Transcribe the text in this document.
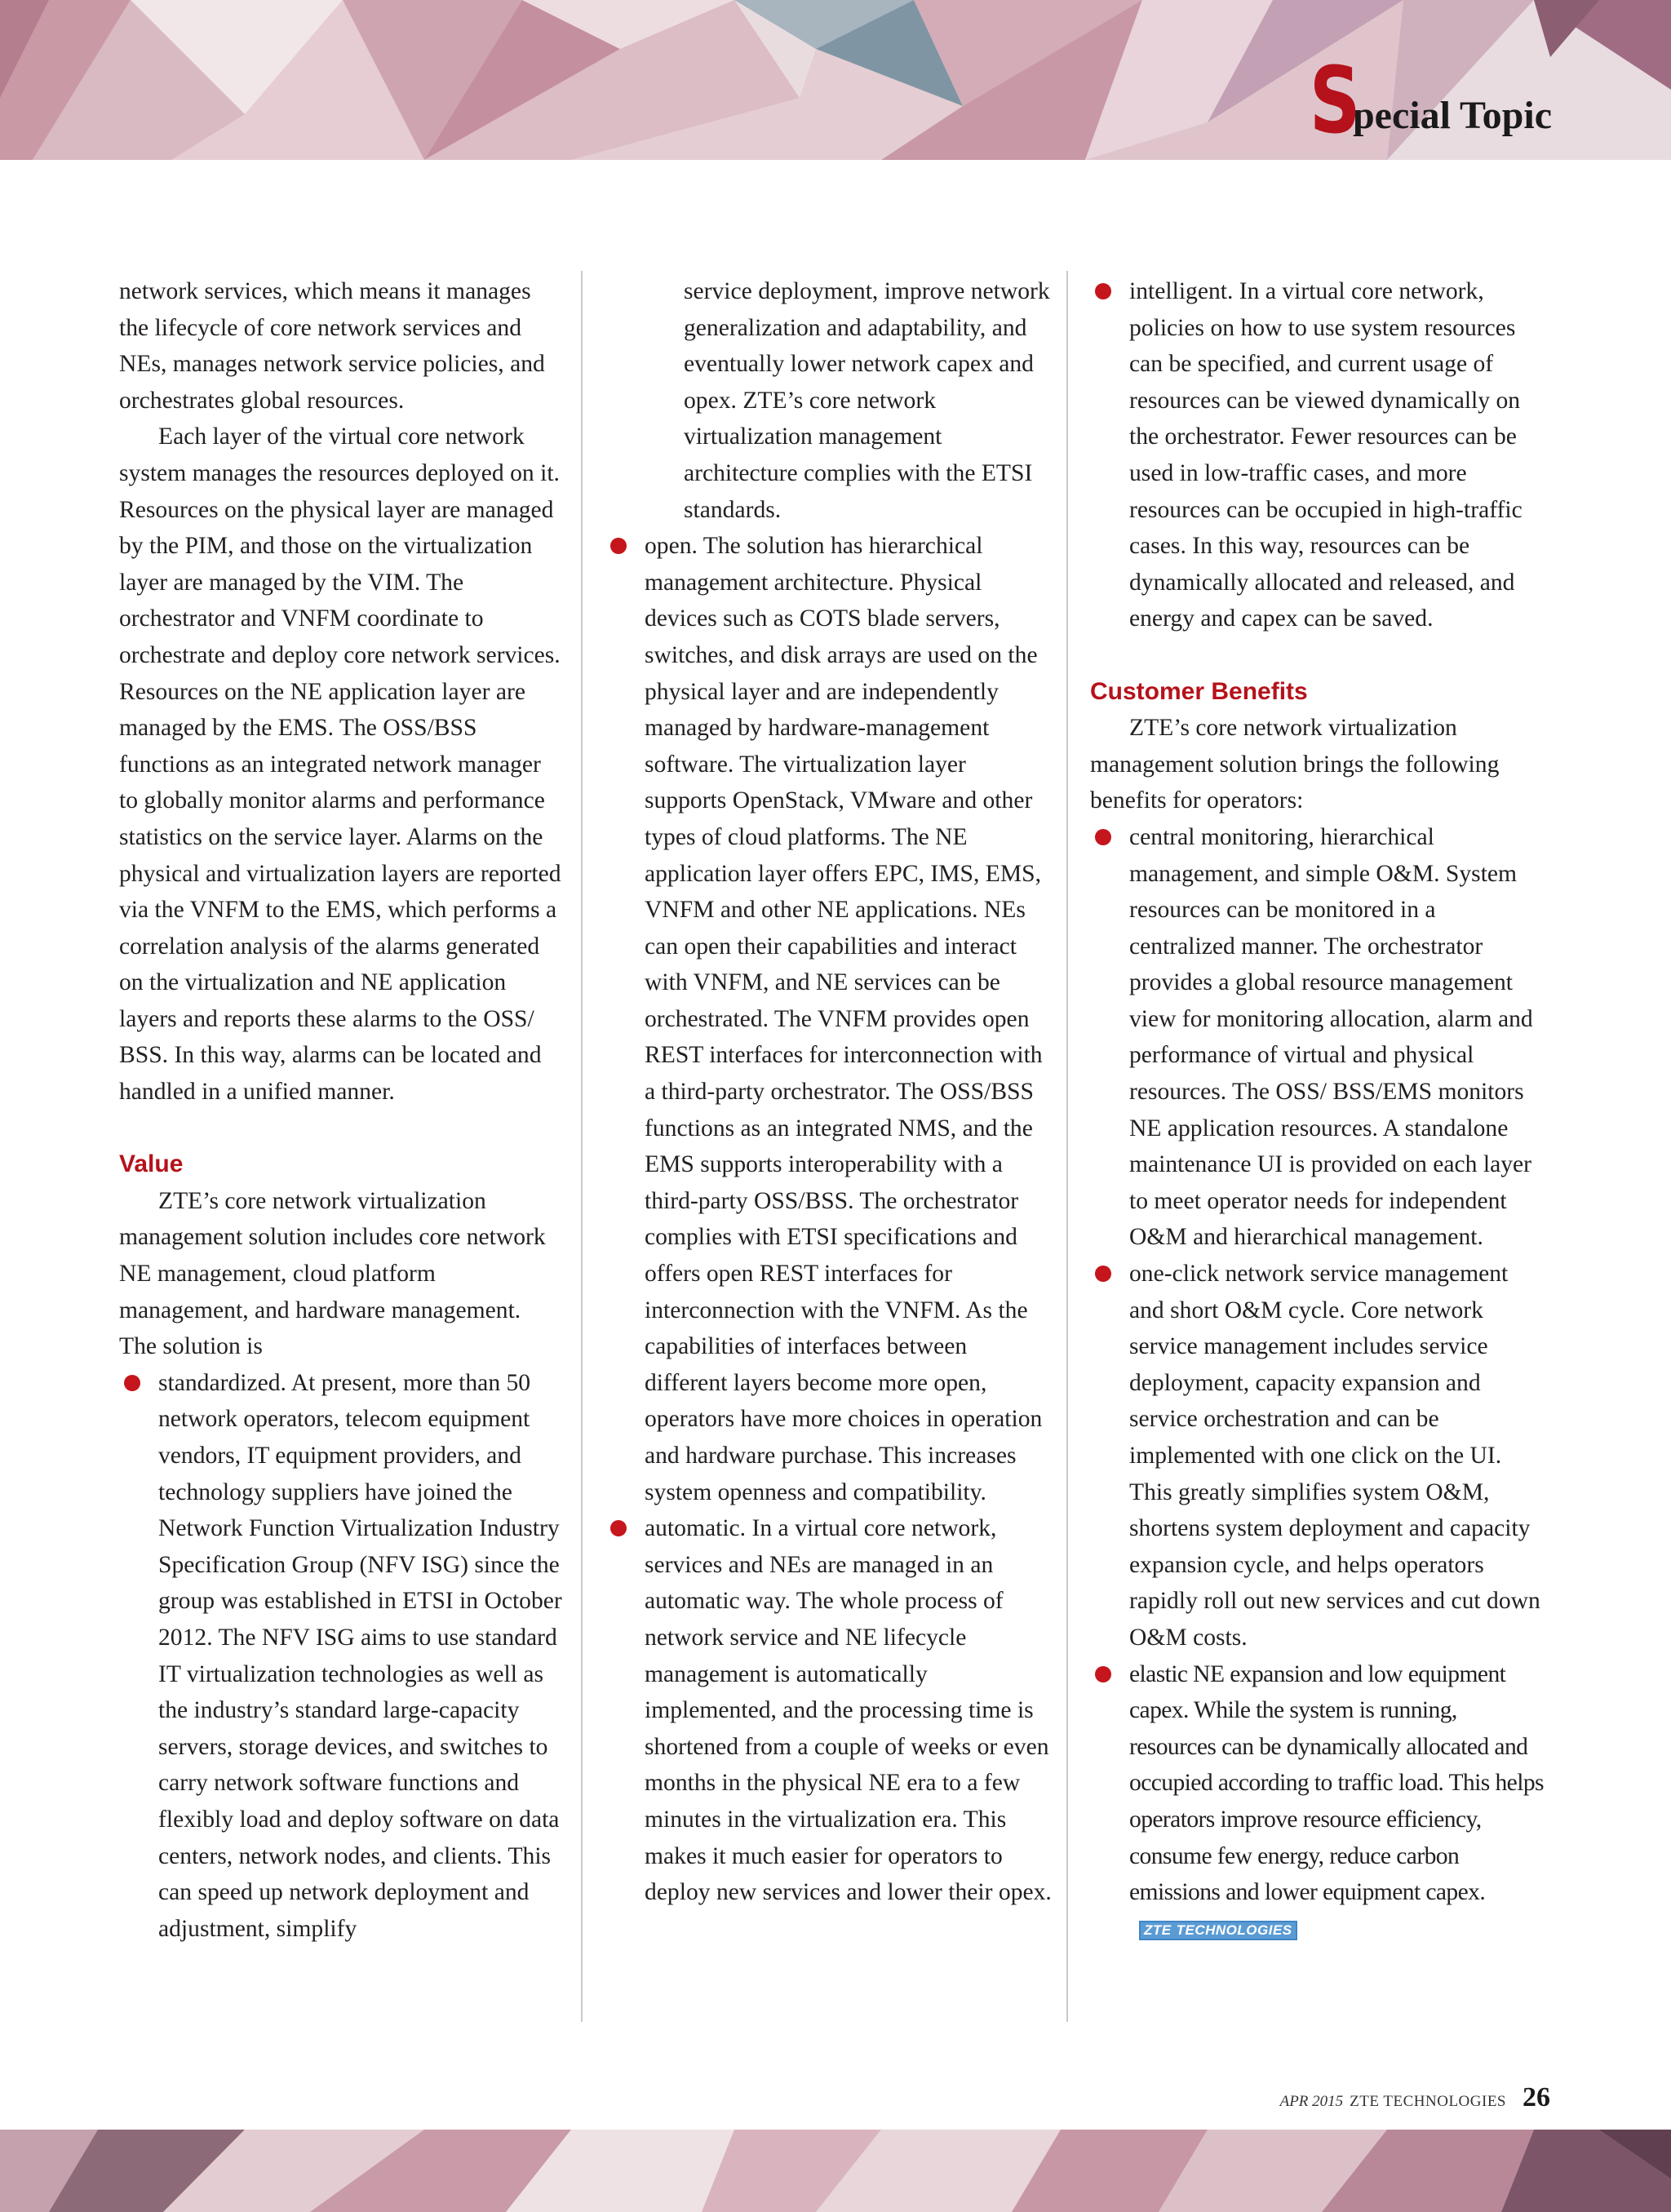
S
pecial Topic

network services, which means it manages the lifecycle of core network services and NEs, manages network service policies, and orchestrates global resources.

Each layer of the virtual core network system manages the resources deployed on it. Resources on the physical layer are managed by the PIM, and those on the virtualization layer are managed by the VIM. The orchestrator and VNFM coordinate to orchestrate and deploy core network services. Resources on the NE application layer are managed by the EMS. The OSS/BSS functions as an integrated network manager to globally monitor alarms and performance statistics on the service layer. Alarms on the physical and virtualization layers are reported via the VNFM to the EMS, which performs a correlation analysis of the alarms generated on the virtualization and NE application layers and reports these alarms to the OSS/ BSS. In this way, alarms can be located and handled in a unified manner.

Value

ZTE’s core network virtualization management solution includes core network NE management, cloud platform management, and hardware management. The solution is

standardized. At present, more than 50 network operators, telecom equipment vendors, IT equipment providers, and technology suppliers have joined the Network Function Virtualization Industry Specification Group (NFV ISG) since the group was established in ETSI in October 2012. The NFV ISG aims to use standard IT virtualization technologies as well as the industry’s standard large-capacity servers, storage devices, and switches to carry network software functions and flexibly load and deploy software on data centers, network nodes, and clients. This can speed up network deployment and adjustment, simplify

service deployment, improve network generalization and adaptability, and eventually lower network capex and opex. ZTE’s core network virtualization management architecture complies with the ETSI standards.

open. The solution has hierarchical management architecture. Physical devices such as COTS blade servers, switches, and disk arrays are used on the physical layer and are independently managed by hardware-management software. The virtualization layer supports OpenStack, VMware and other types of cloud platforms. The NE application layer offers EPC, IMS, EMS, VNFM and other NE applications. NEs can open their capabilities and interact with VNFM, and NE services can be orchestrated. The VNFM provides open REST interfaces for interconnection with a third-party orchestrator. The OSS/BSS functions as an integrated NMS, and the EMS supports interoperability with a third-party OSS/BSS. The orchestrator complies with ETSI specifications and offers open REST interfaces for interconnection with the VNFM. As the capabilities of interfaces between different layers become more open, operators have more choices in operation and hardware purchase. This increases system openness and compatibility.

automatic. In a virtual core network, services and NEs are managed in an automatic way. The whole process of network service and NE lifecycle management is automatically implemented, and the processing time is shortened from a couple of weeks or even months in the physical NE era to a few minutes in the virtualization era. This makes it much easier for operators to deploy new services and lower their opex.

intelligent. In a virtual core network, policies on how to use system resources can be specified, and current usage of resources can be viewed dynamically on the orchestrator. Fewer resources can be used in low-traffic cases, and more resources can be occupied in high-traffic cases. In this way, resources can be dynamically allocated and released, and energy and capex can be saved.

Customer Benefits

ZTE’s core network virtualization management solution brings the following benefits for operators:

central monitoring, hierarchical management, and simple O&M. System resources can be monitored in a centralized manner. The orchestrator provides a global resource management view for monitoring allocation, alarm and performance of virtual and physical resources. The OSS/ BSS/EMS monitors NE application resources. A standalone maintenance UI is provided on each layer to meet operator needs for independent O&M and hierarchical management.

one-click network service management and short O&M cycle. Core network service management includes service deployment, capacity expansion and service orchestration and can be implemented with one click on the UI. This greatly simplifies system O&M, shortens system deployment and capacity expansion cycle, and helps operators rapidly roll out new services and cut down O&M costs.

elastic NE expansion and low equipment capex. While the system is running, resources can be dynamically allocated and occupied according to traffic load. This helps operators improve resource efficiency, consume few energy, reduce carbon emissions and lower equipment capex.ZTE TECHNOLOGIES

APR 2015 ZTE TECHNOLOGIES 26
